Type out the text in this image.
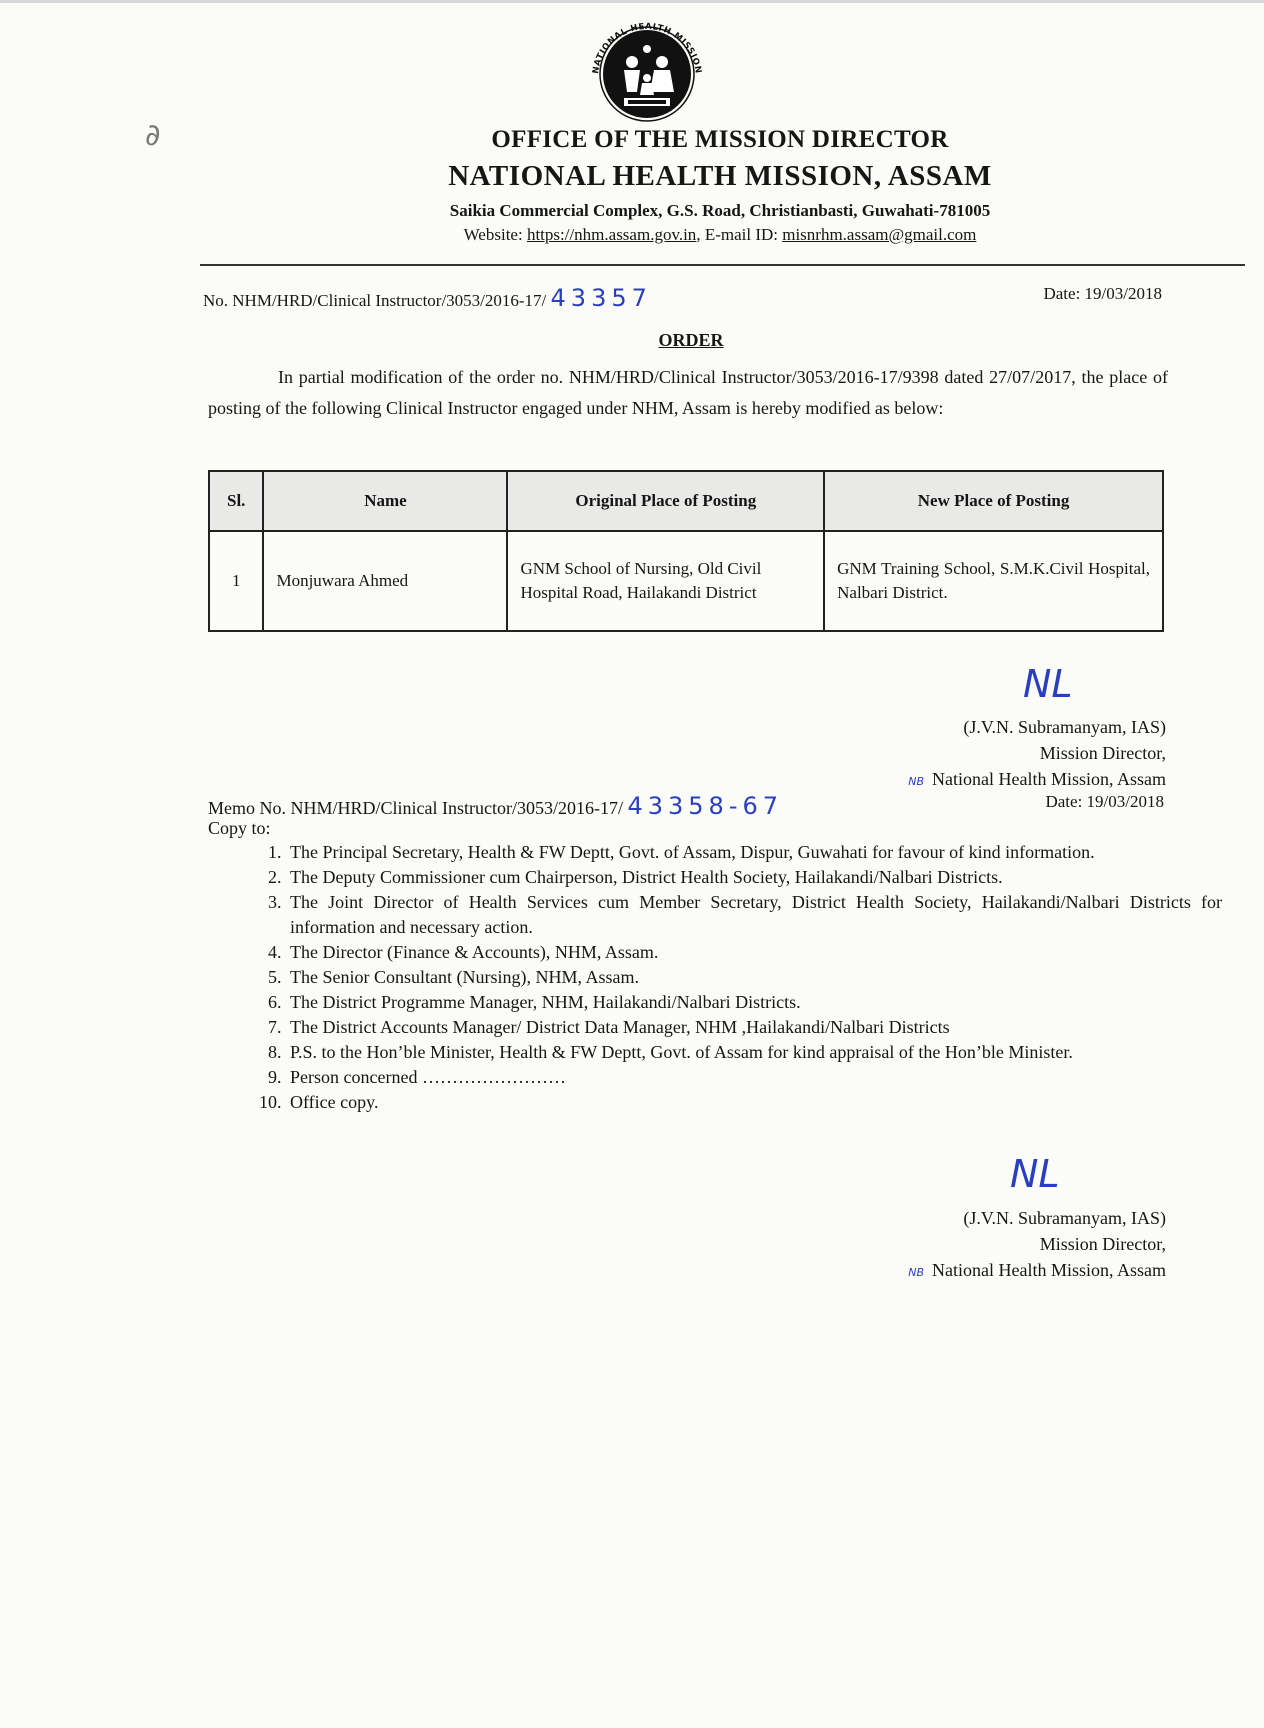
∂
NATIONAL HEALTH MISSION
OFFICE OF THE MISSION DIRECTOR
NATIONAL HEALTH MISSION, ASSAM
Saikia Commercial Complex, G.S. Road, Christianbasti, Guwahati-781005
Website: https://nhm.assam.gov.in, E-mail ID: misnrhm.assam@gmail.com
No. NHM/HRD/Clinical Instructor/3053/2016-17/ 43357	Date: 19/03/2018
ORDER
In partial modification of the order no. NHM/HRD/Clinical Instructor/3053/2016-17/9398 dated 27/07/2017, the place of posting of the following Clinical Instructor engaged under NHM, Assam is hereby modified as below:
Sl.	Name	Original Place of Posting	New Place of Posting
1	Monjuwara Ahmed	GNM School of Nursing, Old Civil Hospital Road, Hailakandi District	GNM Training School, S.M.K.Civil Hospital, Nalbari District.
NL
(J.V.N. Subramanyam, IAS)
Mission Director,
NB National Health Mission, Assam
Memo No. NHM/HRD/Clinical Instructor/3053/2016-17/ 43358-67	Date: 19/03/2018
Copy to:
1. The Principal Secretary, Health & FW Deptt, Govt. of Assam, Dispur, Guwahati for favour of kind information.
2. The Deputy Commissioner cum Chairperson, District Health Society, Hailakandi/Nalbari Districts.
3. The Joint Director of Health Services cum Member Secretary, District Health Society, Hailakandi/Nalbari Districts for information and necessary action.
4. The Director (Finance & Accounts), NHM, Assam.
5. The Senior Consultant (Nursing), NHM, Assam.
6. The District Programme Manager, NHM, Hailakandi/Nalbari Districts.
7. The District Accounts Manager/ District Data Manager, NHM ,Hailakandi/Nalbari Districts
8. P.S. to the Hon’ble Minister, Health & FW Deptt, Govt. of Assam for kind appraisal of the Hon’ble Minister.
9. Person concerned ……………………
10. Office copy.
NL
(J.V.N. Subramanyam, IAS)
Mission Director,
NB National Health Mission, Assam
